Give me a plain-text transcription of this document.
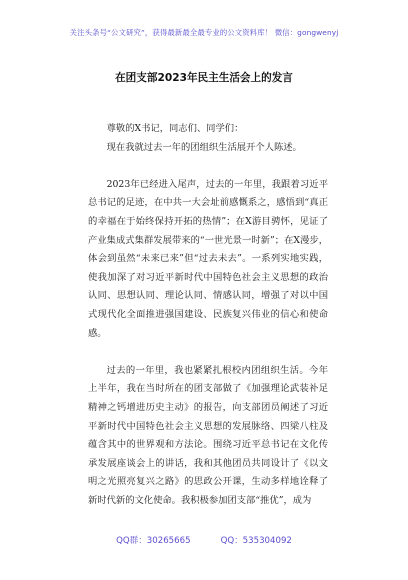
关注头条号“公文研究”，获得最新最全最专业的公文资料库！ 微信：gongwenyj
在团支部2023年民主生活会上的发言

尊敬的X书记，同志们、同学们：

现在我就过去一年的团组织生活展开个人陈述。

2023年已经进入尾声，过去的一年里，我跟着习近平总书记的足迹，在中共一大会址前感慨系之，感悟到“真正的幸福在于始终保持开拓的热情”；在X游目骋怀，见证了产业集成式集群发展带来的“一世光景一时新”；在X漫步，体会到虽然“未来已来”但“过去未去”。一系列实地实践，使我加深了对习近平新时代中国特色社会主义思想的政治认同、思想认同、理论认同、情感认同，增强了对以中国式现代化全面推进强国建设、民族复兴伟业的信心和使命感。

过去的一年里，我也紧紧扎根校内团组织生活。今年上半年，我在当时所在的团支部做了《加强理论武装补足精神之钙增进历史主动》的报告，向支部团员阐述了习近平新时代中国特色社会主义思想的发展脉络、四梁八柱及蕴含其中的世界观和方法论。围绕习近平总书记在文化传承发展座谈会上的讲话，我和其他团员共同设计了《以文明之光照亮复兴之路》的思政公开课，生动多样地诠释了新时代新的文化使命。我积极参加团支部“推优”，成为

QQ群：30265665	QQ：535304092
